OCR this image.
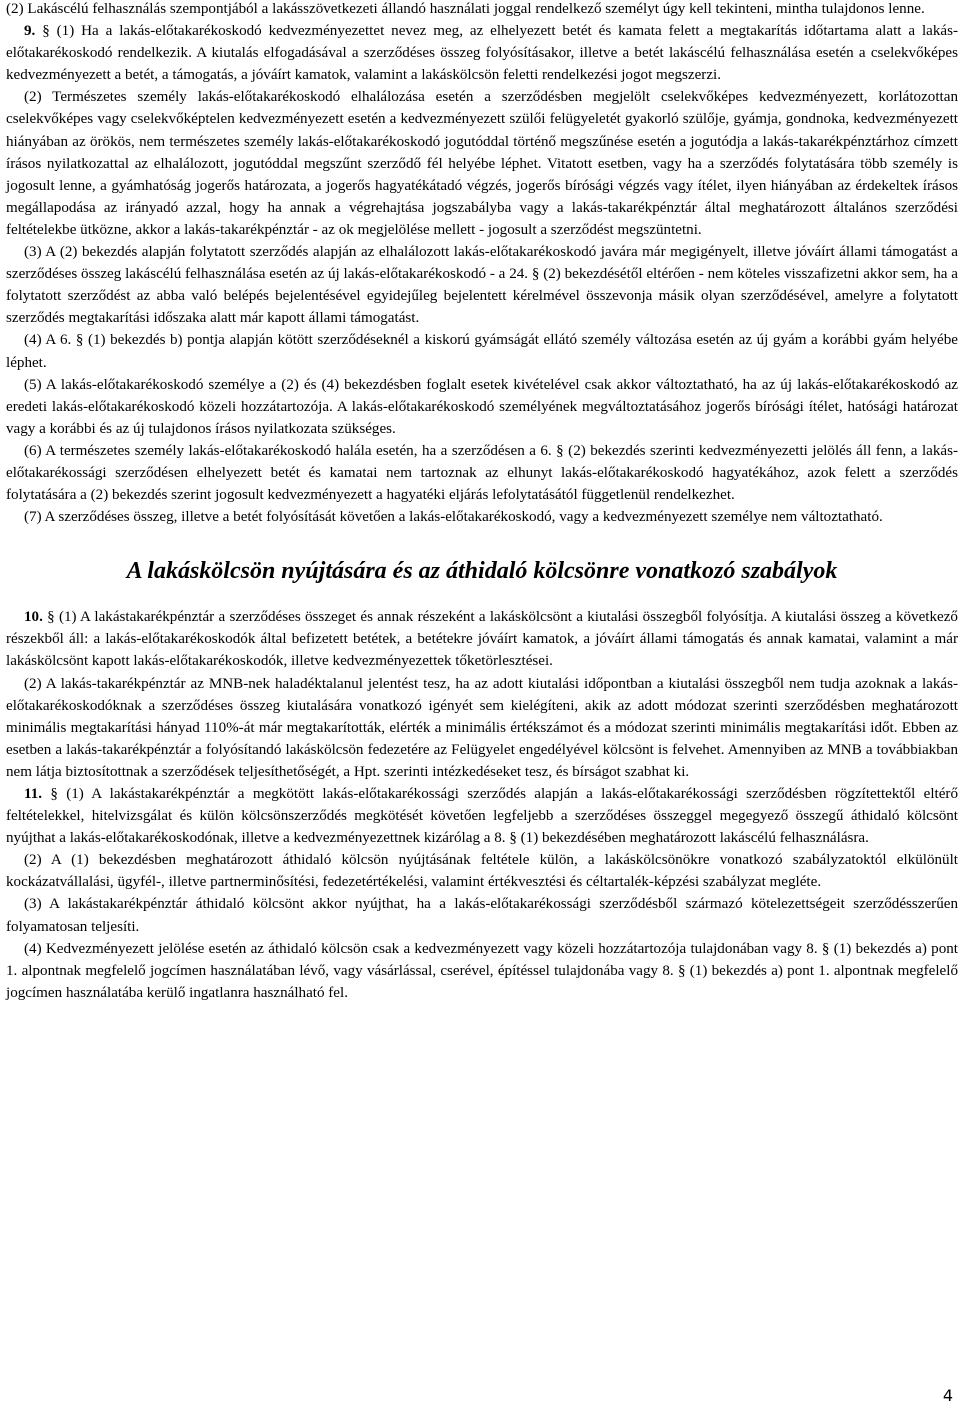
(2) Lakáscélú felhasználás szempontjából a lakásszövetkezeti állandó használati joggal rendelkező személyt úgy kell tekinteni, mintha tulajdonos lenne.

9. § (1) Ha a lakás-előtakarékoskodó kedvezményezettet nevez meg, az elhelyezett betét és kamata felett a megtakarítás időtartama alatt a lakás-előtakarékoskodó rendelkezik. A kiutalás elfogadásával a szerződéses összeg folyósításakor, illetve a betét lakáscélú felhasználása esetén a cselekvőképes kedvezményezett a betét, a támogatás, a jóváírt kamatok, valamint a lakáskölcsön feletti rendelkezési jogot megszerzi.

(2) Természetes személy lakás-előtakarékoskodó elhalálozása esetén a szerződésben megjelölt cselekvőképes kedvezményezett, korlátozottan cselekvőképes vagy cselekvőképtelen kedvezményezett esetén a kedvezményezett szülői felügyeletét gyakorló szülője, gyámja, gondnoka, kedvezményezett hiányában az örökös, nem természetes személy lakás-előtakarékoskodó jogutóddal történő megszűnése esetén a jogutódja a lakás-takarékpénztárhoz címzett írásos nyilatkozattal az elhalálozott, jogutóddal megszűnt szerződő fél helyébe léphet. Vitatott esetben, vagy ha a szerződés folytatására több személy is jogosult lenne, a gyámhatóság jogerős határozata, a jogerős hagyatékátadó végzés, jogerős bírósági végzés vagy ítélet, ilyen hiányában az érdekeltek írásos megállapodása az irányadó azzal, hogy ha annak a végrehajtása jogszabályba vagy a lakás-takarékpénztár által meghatározott általános szerződési feltételekbe ütközne, akkor a lakás-takarékpénztár - az ok megjelölése mellett - jogosult a szerződést megszüntetni.

(3) A (2) bekezdés alapján folytatott szerződés alapján az elhalálozott lakás-előtakarékoskodó javára már megigényelt, illetve jóváírt állami támogatást a szerződéses összeg lakáscélú felhasználása esetén az új lakás-előtakarékoskodó - a 24. § (2) bekezdésétől eltérően - nem köteles visszafizetni akkor sem, ha a folytatott szerződést az abba való belépés bejelentésével egyidejűleg bejelentett kérelmével összevonja másik olyan szerződésével, amelyre a folytatott szerződés megtakarítási időszaka alatt már kapott állami támogatást.

(4) A 6. § (1) bekezdés b) pontja alapján kötött szerződéseknél a kiskorú gyámságát ellátó személy változása esetén az új gyám a korábbi gyám helyébe léphet.

(5) A lakás-előtakarékoskodó személye a (2) és (4) bekezdésben foglalt esetek kivételével csak akkor változtatható, ha az új lakás-előtakarékoskodó az eredeti lakás-előtakarékoskodó közeli hozzátartozója. A lakás-előtakarékoskodó személyének megváltoztatásához jogerős bírósági ítélet, hatósági határozat vagy a korábbi és az új tulajdonos írásos nyilatkozata szükséges.

(6) A természetes személy lakás-előtakarékoskodó halála esetén, ha a szerződésen a 6. § (2) bekezdés szerinti kedvezményezetti jelölés áll fenn, a lakás-előtakarékossági szerződésen elhelyezett betét és kamatai nem tartoznak az elhunyt lakás-előtakarékoskodó hagyatékához, azok felett a szerződés folytatására a (2) bekezdés szerint jogosult kedvezményezett a hagyatéki eljárás lefolytatásától függetlenül rendelkezhet.

(7) A szerződéses összeg, illetve a betét folyósítását követően a lakás-előtakarékoskodó, vagy a kedvezményezett személye nem változtatható.

A lakáskölcsön nyújtására és az áthidaló kölcsönre vonatkozó szabályok

10. § (1) A lakástakarékpénztár a szerződéses összeget és annak részeként a lakáskölcsönt a kiutalási összegből folyósítja. A kiutalási összeg a következő részekből áll: a lakás-előtakarékoskodók által befizetett betétek, a betétekre jóváírt kamatok, a jóváírt állami támogatás és annak kamatai, valamint a már lakáskölcsönt kapott lakás-előtakarékoskodók, illetve kedvezményezettek tőketörlesztései.

(2) A lakás-takarékpénztár az MNB-nek haladéktalanul jelentést tesz, ha az adott kiutalási időpontban a kiutalási összegből nem tudja azoknak a lakás-előtakarékoskodóknak a szerződéses összeg kiutalására vonatkozó igényét sem kielégíteni, akik az adott módozat szerinti szerződésben meghatározott minimális megtakarítási hányad 110%-át már megtakarították, elérték a minimális értékszámot és a módozat szerinti minimális megtakarítási időt. Ebben az esetben a lakás-takarékpénztár a folyósítandó lakáskölcsön fedezetére az Felügyelet engedélyével kölcsönt is felvehet. Amennyiben az MNB a továbbiakban nem látja biztosítottnak a szerződések teljesíthetőségét, a Hpt. szerinti intézkedéseket tesz, és bírságot szabhat ki.

11. § (1) A lakástakarékpénztár a megkötött lakás-előtakarékossági szerződés alapján a lakás-előtakarékossági szerződésben rögzítettektől eltérő feltételekkel, hitelvizsgálat és külön kölcsönszerződés megkötését követően legfeljebb a szerződéses összeggel megegyező összegű áthidaló kölcsönt nyújthat a lakás-előtakarékoskodónak, illetve a kedvezményezettnek kizárólag a 8. § (1) bekezdésében meghatározott lakáscélú felhasználásra.

(2) A (1) bekezdésben meghatározott áthidaló kölcsön nyújtásának feltétele külön, a lakáskölcsönökre vonatkozó szabályzatoktól elkülönült kockázatvállalási, ügyfél-, illetve partnerminősítési, fedezetértékelési, valamint értékvesztési és céltartalék-képzési szabályzat megléte.

(3) A lakástakarékpénztár áthidaló kölcsönt akkor nyújthat, ha a lakás-előtakarékossági szerződésből származó kötelezettségeit szerződésszerűen folyamatosan teljesíti.

(4) Kedvezményezett jelölése esetén az áthidaló kölcsön csak a kedvezményezett vagy közeli hozzátartozója tulajdonában vagy 8. § (1) bekezdés a) pont 1. alpontnak megfelelő jogcímen használatában lévő, vagy vásárlással, cserével, építéssel tulajdonába vagy 8. § (1) bekezdés a) pont 1. alpontnak megfelelő jogcímen használatába kerülő ingatlanra használható fel.

4
